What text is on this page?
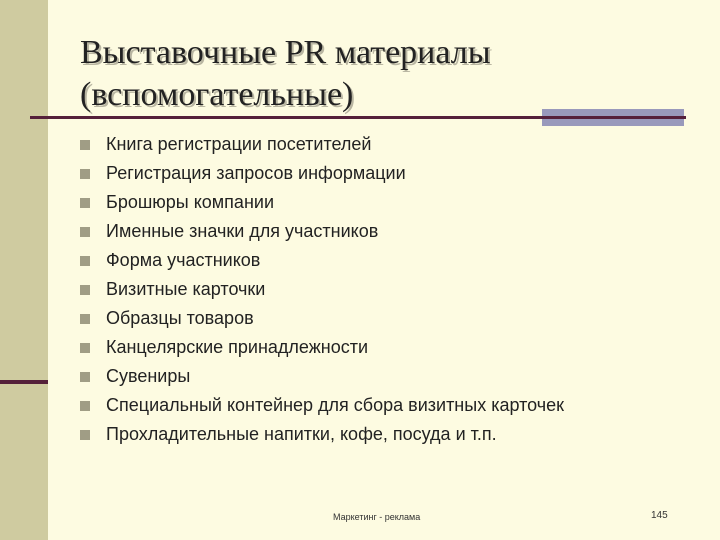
Выставочные PR материалы
(вспомогательные)
Книга регистрации посетителей
Регистрация запросов информации
Брошюры компании
Именные значки для участников
Форма участников
Визитные карточки
Образцы товаров
Канцелярские принадлежности
Сувениры
Специальный контейнер для сбора визитных карточек
Прохладительные напитки, кофе, посуда и т.п.
Маркетинг - реклама	145
